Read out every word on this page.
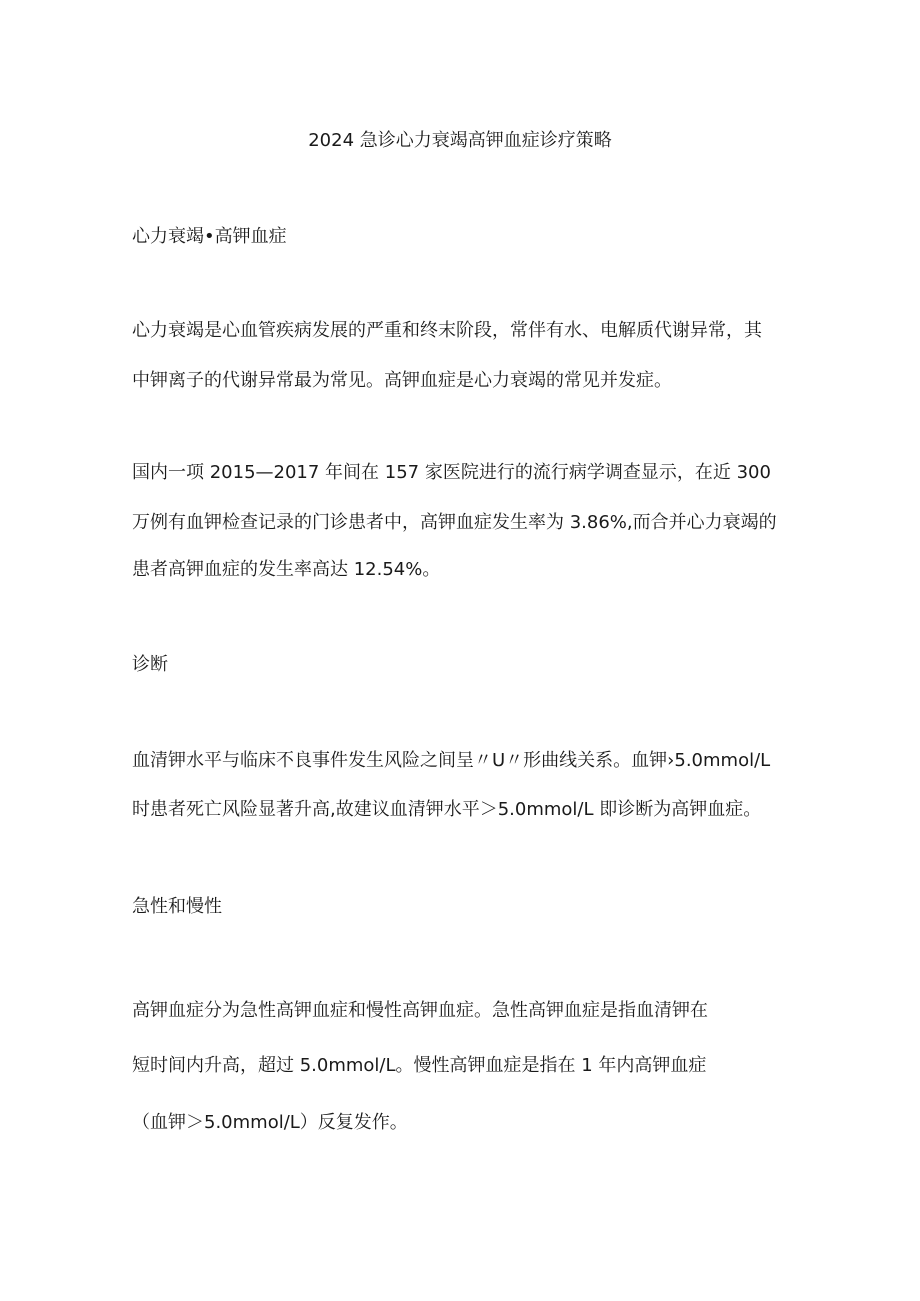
2024 急诊心力衰竭高钾血症诊疗策略
心力衰竭•高钾血症

心力衰竭是心血管疾病发展的严重和终末阶段，常伴有水、电解质代谢异常，其

中钾离子的代谢异常最为常见。高钾血症是心力衰竭的常见并发症。

国内一项 2015—2017 年间在 157 家医院进行的流行病学调查显示，在近 300

万例有血钾检查记录的门诊患者中，高钾血症发生率为 3.86%,而合并心力衰竭的

患者高钾血症的发生率高达 12.54%。

诊断

血清钾水平与临床不良事件发生风险之间呈〃U〃形曲线关系。血钾›5.0mmol/L

时患者死亡风险显著升高,故建议血清钾水平＞5.0mmol/L 即诊断为高钾血症。

急性和慢性

高钾血症分为急性高钾血症和慢性高钾血症。急性高钾血症是指血清钾在

短时间内升高，超过 5.0mmol/L。慢性高钾血症是指在 1 年内高钾血症

（血钾＞5.0mmol/L）反复发作。
